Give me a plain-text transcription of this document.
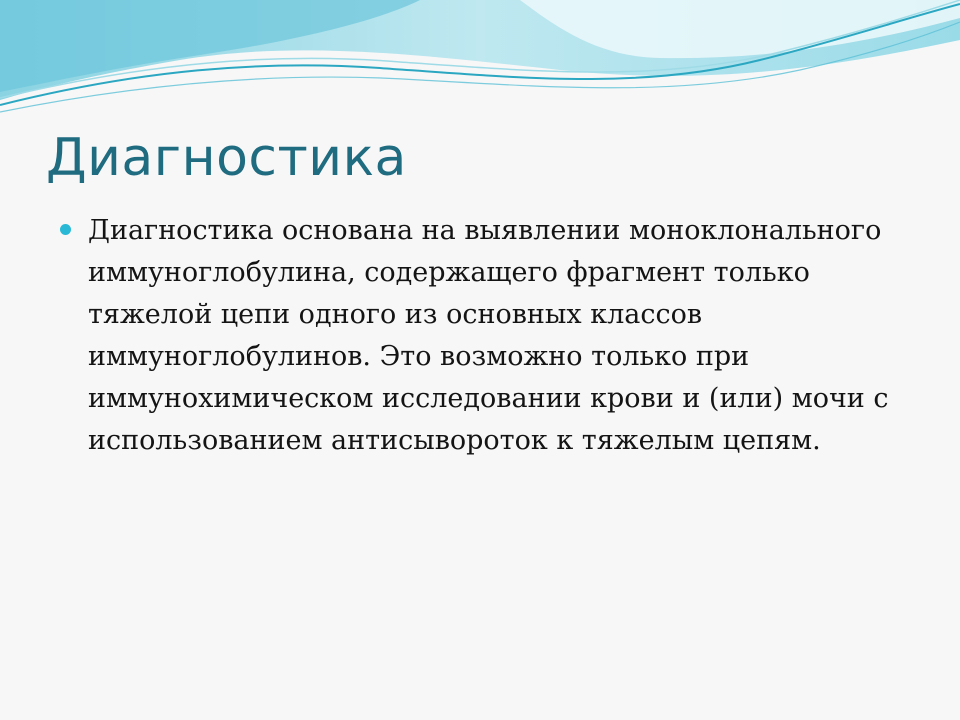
Диагностика
Диагностика основана на выявлении моноклонального иммуноглобулина, содержащего фрагмент только тяжелой цепи одного из основных классов иммуноглобулинов. Это возможно только при иммунохимическом исследовании крови и (или) мочи с использованием антисывороток к тяжелым цепям.
